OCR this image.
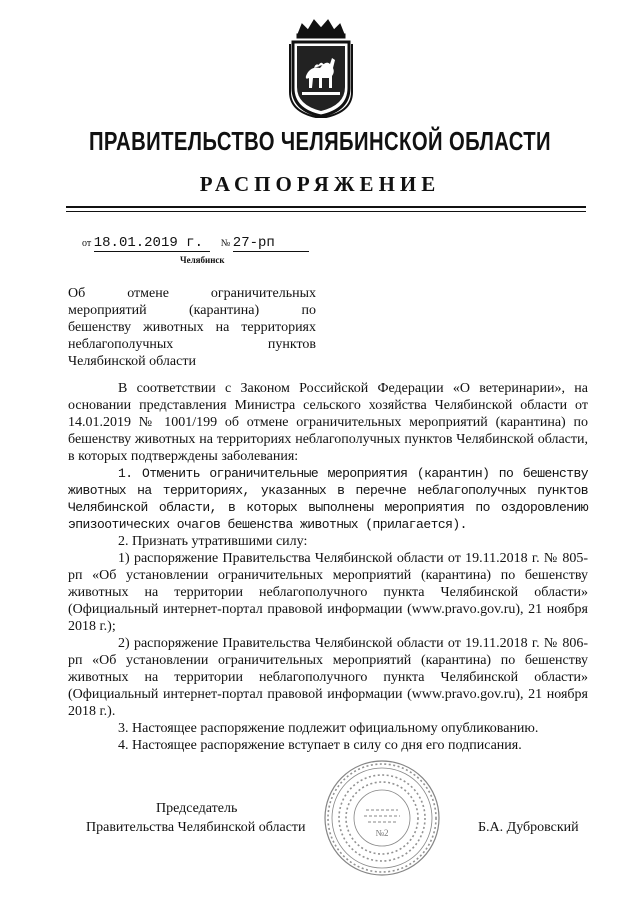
ПРАВИТЕЛЬСТВО ЧЕЛЯБИНСКОЙ ОБЛАСТИ
РАСПОРЯЖЕНИЕ
от 18.01.2019 г. № 27-рп
Челябинск
Об отмене ограничительных
мероприятий (карантина) по
бешенству животных на территориях
неблагополучных пунктов
Челябинской области

В соответствии с Законом Российской Федерации «О ветеринарии», на основании представления Министра сельского хозяйства Челябинской области от 14.01.2019 № 1001/199 об отмене ограничительных мероприятий (карантина) по бешенству животных на территориях неблагополучных пунктов Челябинской области, в которых подтверждены заболевания:

1. Отменить ограничительные мероприятия (карантин) по бешенству животных на территориях, указанных в перечне неблагополучных пунктов Челябинской области, в которых выполнены мероприятия по оздоровлению эпизоотических очагов бешенства животных (прилагается).

2. Признать утратившими силу:

1) распоряжение Правительства Челябинской области от 19.11.2018 г. № 805-рп «Об установлении ограничительных мероприятий (карантина) по бешенству животных на территории неблагополучного пункта Челябинской области» (Официальный интернет-портал правовой информации (www.pravo.gov.ru), 21 ноября 2018 г.);

2) распоряжение Правительства Челябинской области от 19.11.2018 г. № 806-рп «Об установлении ограничительных мероприятий (карантина) по бешенству животных на территории неблагополучного пункта Челябинской области» (Официальный интернет-портал правовой информации (www.pravo.gov.ru), 21 ноября 2018 г.).

3. Настоящее распоряжение подлежит официальному опубликованию.

4. Настоящее распоряжение вступает в силу со дня его подписания.

Председатель
Правительства Челябинской области	Б.А. Дубровский
№2
